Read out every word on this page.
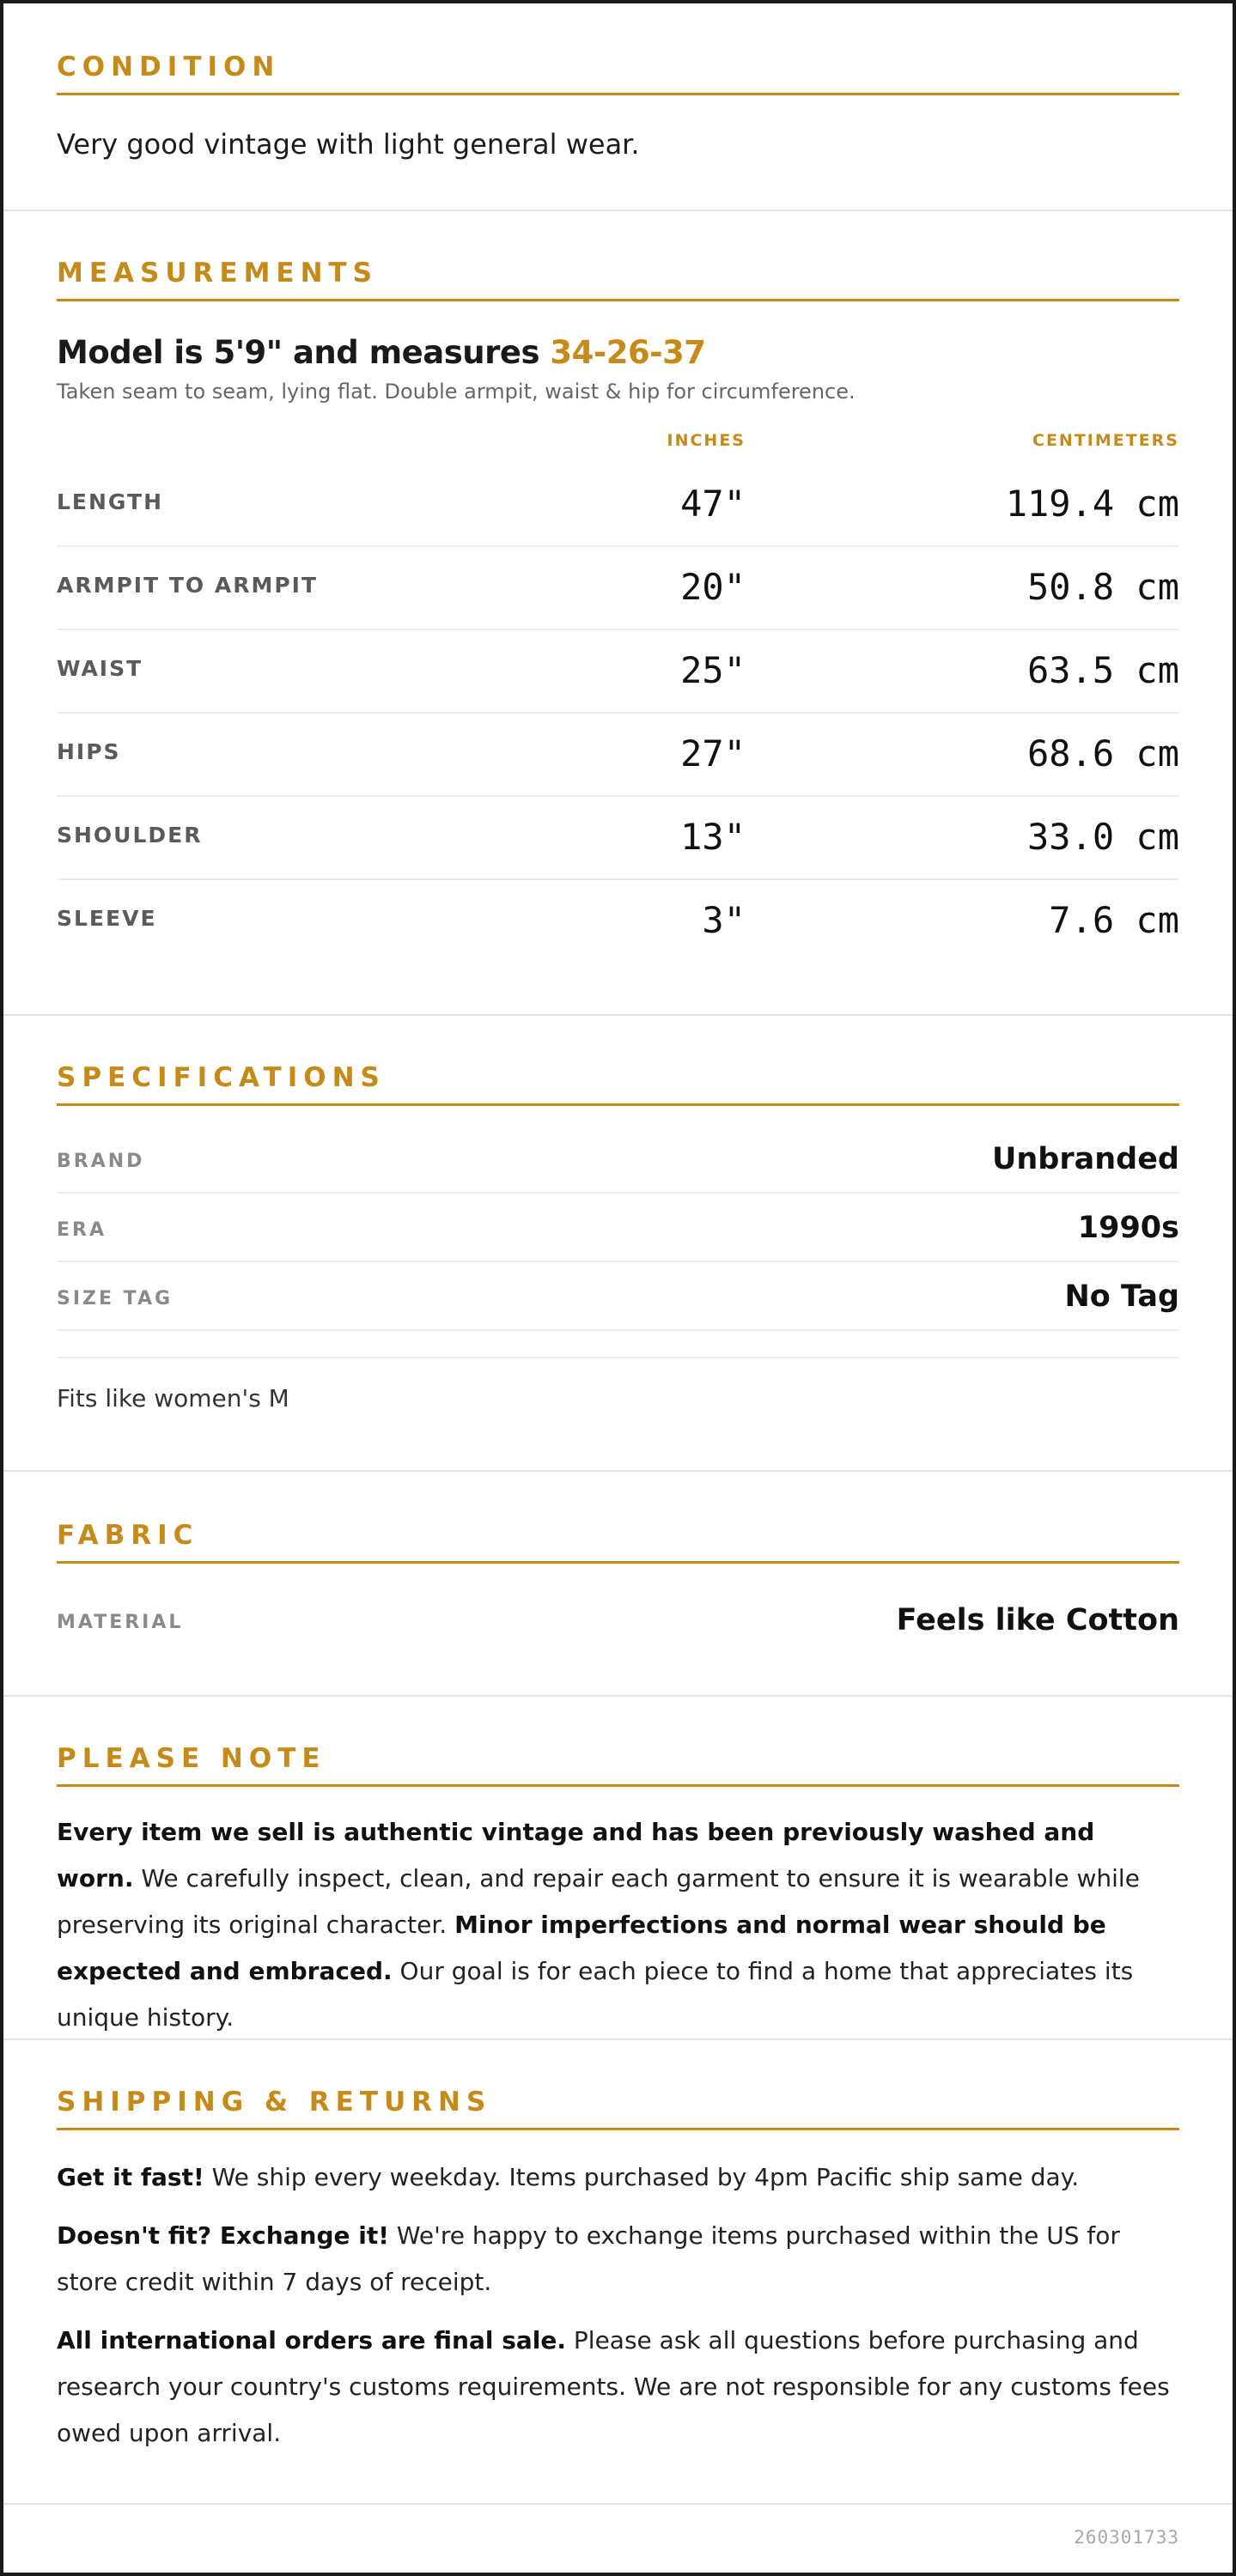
CONDITION
Very good vintage with light general wear.
MEASUREMENTS
Model is 5'9" and measures 34-26-37
Taken seam to seam, lying flat. Double armpit, waist & hip for circumference.
INCHES	CENTIMETERS
LENGTH	47"	119.4 cm
ARMPIT TO ARMPIT	20"	50.8 cm
WAIST	25"	63.5 cm
HIPS	27"	68.6 cm
SHOULDER	13"	33.0 cm
SLEEVE	3"	7.6 cm
SPECIFICATIONS
BRAND	Unbranded
ERA	1990s
SIZE TAG	No Tag
Fits like women's M
FABRIC
MATERIAL	Feels like Cotton
PLEASE NOTE
Every item we sell is authentic vintage and has been previously washed and worn. We carefully inspect, clean, and repair each garment to ensure it is wearable while preserving its original character. Minor imperfections and normal wear should be expected and embraced. Our goal is for each piece to find a home that appreciates its unique history.
SHIPPING & RETURNS
Get it fast! We ship every weekday. Items purchased by 4pm Pacific ship same day.
Doesn't fit? Exchange it! We're happy to exchange items purchased within the US for store credit within 7 days of receipt.
All international orders are final sale. Please ask all questions before purchasing and research your country's customs requirements. We are not responsible for any customs fees owed upon arrival.
260301733
